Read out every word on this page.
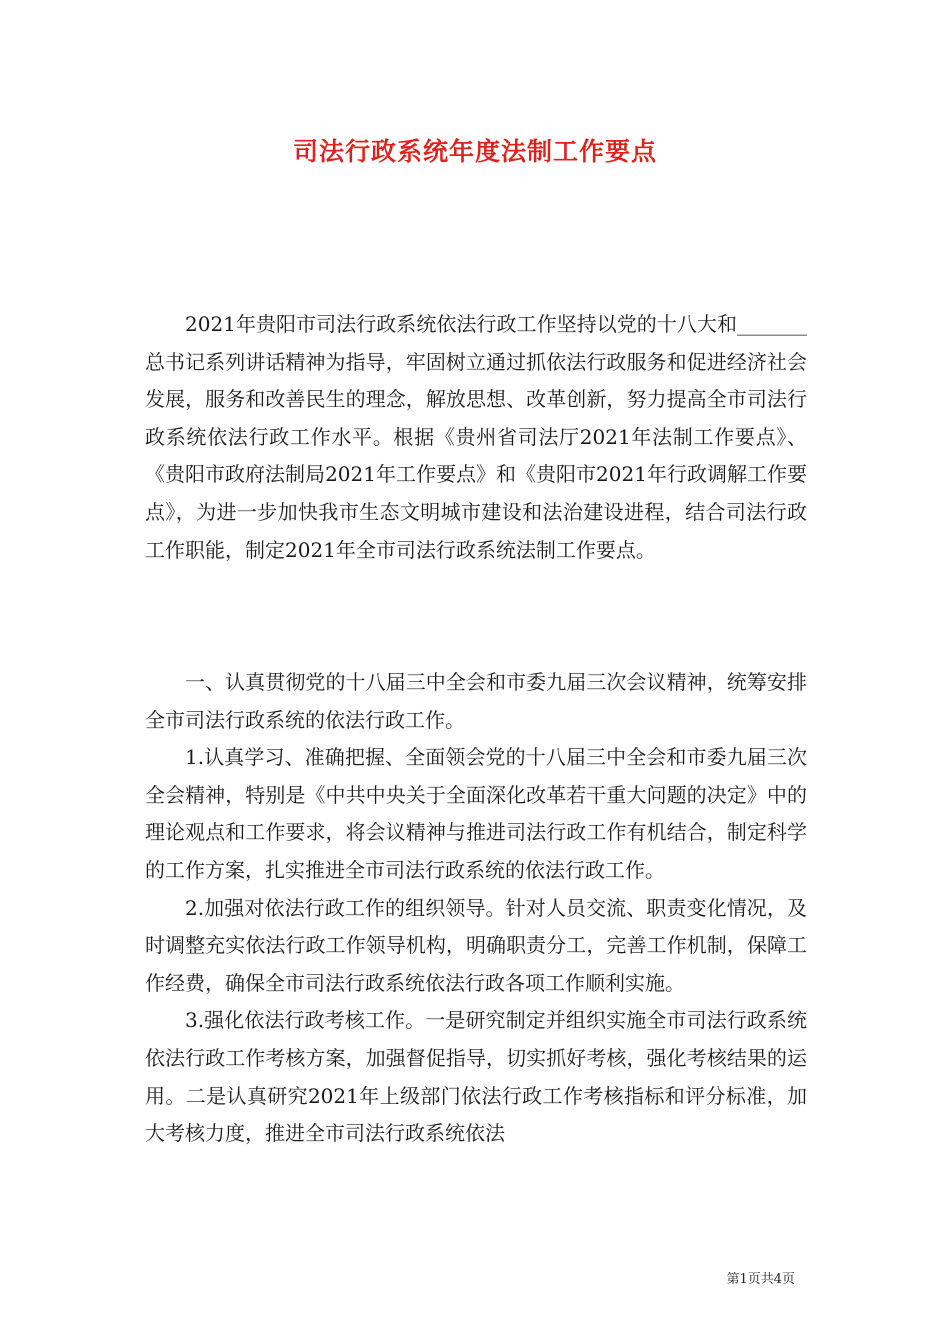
司法行政系统年度法制工作要点

2021年贵阳市司法行政系统依法行政工作坚持以党的十八大和_______总书记系列讲话精神为指导，牢固树立通过抓依法行政服务和促进经济社会发展，服务和改善民生的理念，解放思想、改革创新，努力提高全市司法行政系统依法行政工作水平。根据《贵州省司法厅2021年法制工作要点》、《贵阳市政府法制局2021年工作要点》和《贵阳市2021年行政调解工作要点》，为进一步加快我市生态文明城市建设和法治建设进程，结合司法行政工作职能，制定2021年全市司法行政系统法制工作要点。

一、认真贯彻党的十八届三中全会和市委九届三次会议精神，统筹安排全市司法行政系统的依法行政工作。

1.认真学习、准确把握、全面领会党的十八届三中全会和市委九届三次全会精神，特别是《中共中央关于全面深化改革若干重大问题的决定》中的理论观点和工作要求，将会议精神与推进司法行政工作有机结合，制定科学的工作方案，扎实推进全市司法行政系统的依法行政工作。

2.加强对依法行政工作的组织领导。针对人员交流、职责变化情况，及时调整充实依法行政工作领导机构，明确职责分工，完善工作机制，保障工作经费，确保全市司法行政系统依法行政各项工作顺利实施。

3.强化依法行政考核工作。一是研究制定并组织实施全市司法行政系统依法行政工作考核方案，加强督促指导，切实抓好考核，强化考核结果的运用。二是认真研究2021年上级部门依法行政工作考核指标和评分标准，加大考核力度，推进全市司法行政系统依法

第1页共4页
